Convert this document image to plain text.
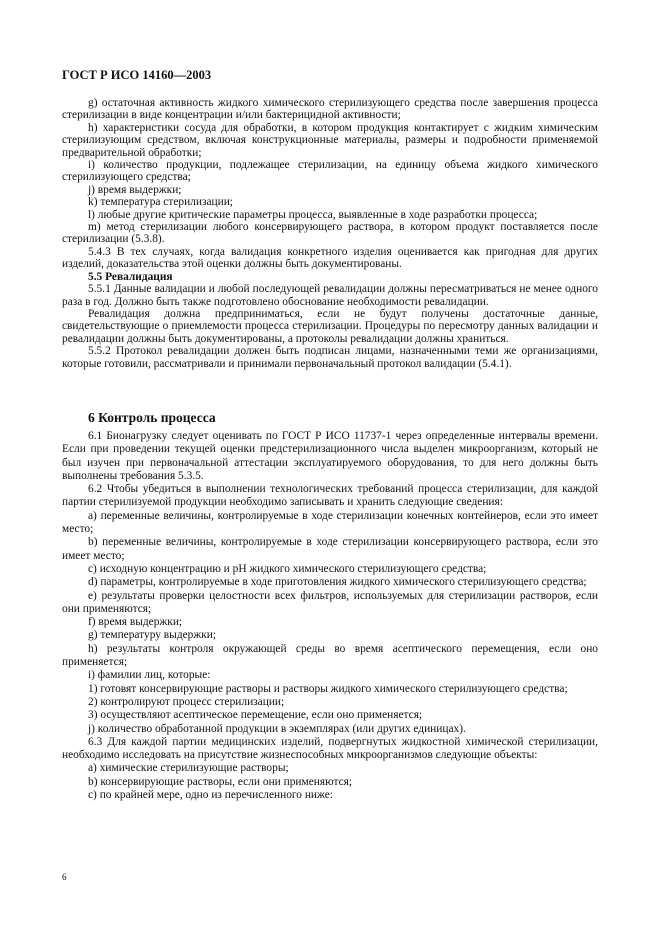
ГОСТ Р ИСО 14160—2003

g) остаточная активность жидкого химического стерилизующего средства после завершения процесса стерилизации в виде концентрации и/или бактерицидной активности;

h) характеристики сосуда для обработки, в котором продукция контактирует с жидким химическим стерилизующим средством, включая конструкционные материалы, размеры и подробности применяемой предварительной обработки;

i) количество продукции, подлежащее стерилизации, на единицу объема жидкого химического стерилизующего средства;

j) время выдержки;

k) температура стерилизации;

l) любые другие критические параметры процесса, выявленные в ходе разработки процесса;

m) метод стерилизации любого консервирующего раствора, в котором продукт поставляется после стерилизации (5.3.8).

5.4.3 В тех случаях, когда валидация конкретного изделия оценивается как пригодная для других изделий, доказательства этой оценки должны быть документированы.

5.5 Ревалидация

5.5.1 Данные валидации и любой последующей ревалидации должны пересматриваться не менее одного раза в год. Должно быть также подготовлено обоснование необходимости ревалидации.

Ревалидация должна предприниматься, если не будут получены достаточные данные, свидетельствующие о приемлемости процесса стерилизации. Процедуры по пересмотру данных валидации и ревалидации должны быть документированы, а протоколы ревалидации должны храниться.

5.5.2 Протокол ревалидации должен быть подписан лицами, назначенными теми же организациями, которые готовили, рассматривали и принимали первоначальный протокол валидации (5.4.1).

6 Контроль процесса

6.1 Бионагрузку следует оценивать по ГОСТ Р ИСО 11737-1 через определенные интервалы времени. Если при проведении текущей оценки предстерилизационного числа выделен микроорганизм, который не был изучен при первоначальной аттестации эксплуатируемого оборудования, то для него должны быть выполнены требования 5.3.5.

6.2 Чтобы убедиться в выполнении технологических требований процесса стерилизации, для каждой партии стерилизуемой продукции необходимо записывать и хранить следующие сведения:

a) переменные величины, контролируемые в ходе стерилизации конечных контейнеров, если это имеет место;

b) переменные величины, контролируемые в ходе стерилизации консервирующего раствора, если это имеет место;

c) исходную концентрацию и pH жидкого химического стерилизующего средства;

d) параметры, контролируемые в ходе приготовления жидкого химического стерилизующего средства;

e) результаты проверки целостности всех фильтров, используемых для стерилизации растворов, если они применяются;

f) время выдержки;

g) температуру выдержки;

h) результаты контроля окружающей среды во время асептического перемещения, если оно применяется;

i) фамилии лиц, которые:

1) готовят консервирующие растворы и растворы жидкого химического стерилизующего средства;

2) контролируют процесс стерилизации;

3) осуществляют асептическое перемещение, если оно применяется;

j) количество обработанной продукции в экземплярах (или других единицах).

6.3 Для каждой партии медицинских изделий, подвергнутых жидкостной химической стерилизации, необходимо исследовать на присутствие жизнеспособных микроорганизмов следующие объекты:

a) химические стерилизующие растворы;

b) консервирующие растворы, если они применяются;

c) по крайней мере, одно из перечисленного ниже:

6
